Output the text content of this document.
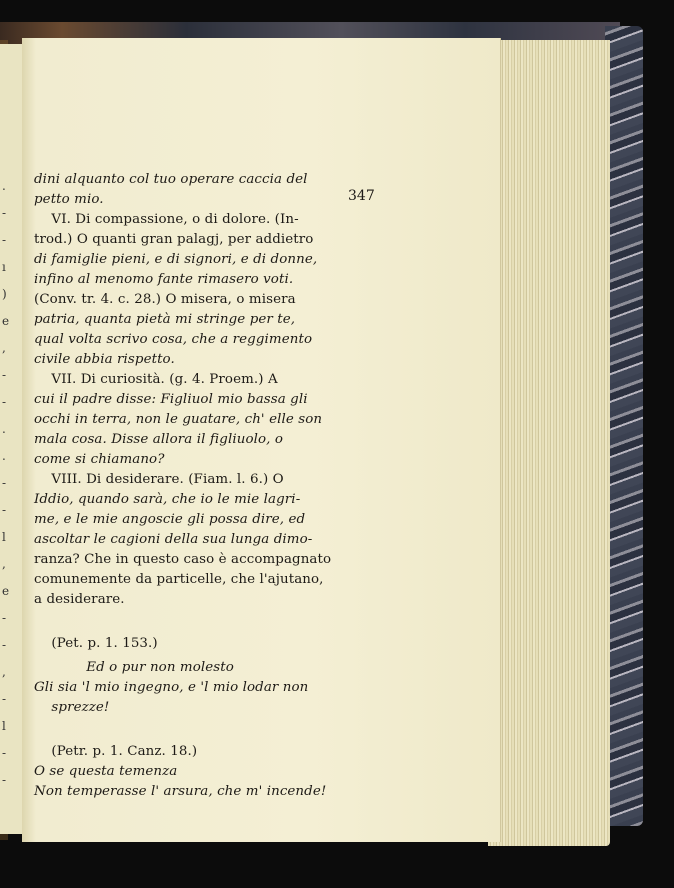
.
-
-
ı
)
e
,
-
-
.
.
-
-
l
,
e
-
-
,
-
l
-
-
347
dini alquanto col tuo operare caccia del
petto mio.
VI. Di compassione, o di dolore. (In-
trod.) O quanti gran palagj, per addietro
di famiglie pieni, e di signori, e di donne,
infino al menomo fante rimasero voti.
(Conv. tr. 4. c. 28.) O misera, o misera
patria, quanta pietà mi stringe per te,
qual volta scrivo cosa, che a reggimento
civile abbia rispetto.
VII. Di curiosità. (g. 4. Proem.) A
cui il padre disse: Figliuol mio bassa gli
occhi in terra, non le guatare, ch' elle son
mala cosa. Disse allora il figliuolo, o
come si chiamano?
VIII. Di desiderare. (Fiam. l. 6.) O
Iddio, quando sarà, che io le mie lagri-
me, e le mie angoscie gli possa dire, ed
ascoltar le cagioni della sua lunga dimo-
ranza? Che in questo caso è accompagnato
comunemente da particelle, che l'ajutano,
a desiderare.
(Pet. p. 1. 153.)
Ed o pur non molesto
Gli sia 'l mio ingegno, e 'l mio lodar non
sprezze!
(Petr. p. 1. Canz. 18.)
O se questa temenza
Non temperasse l' arsura, che m' incende!
